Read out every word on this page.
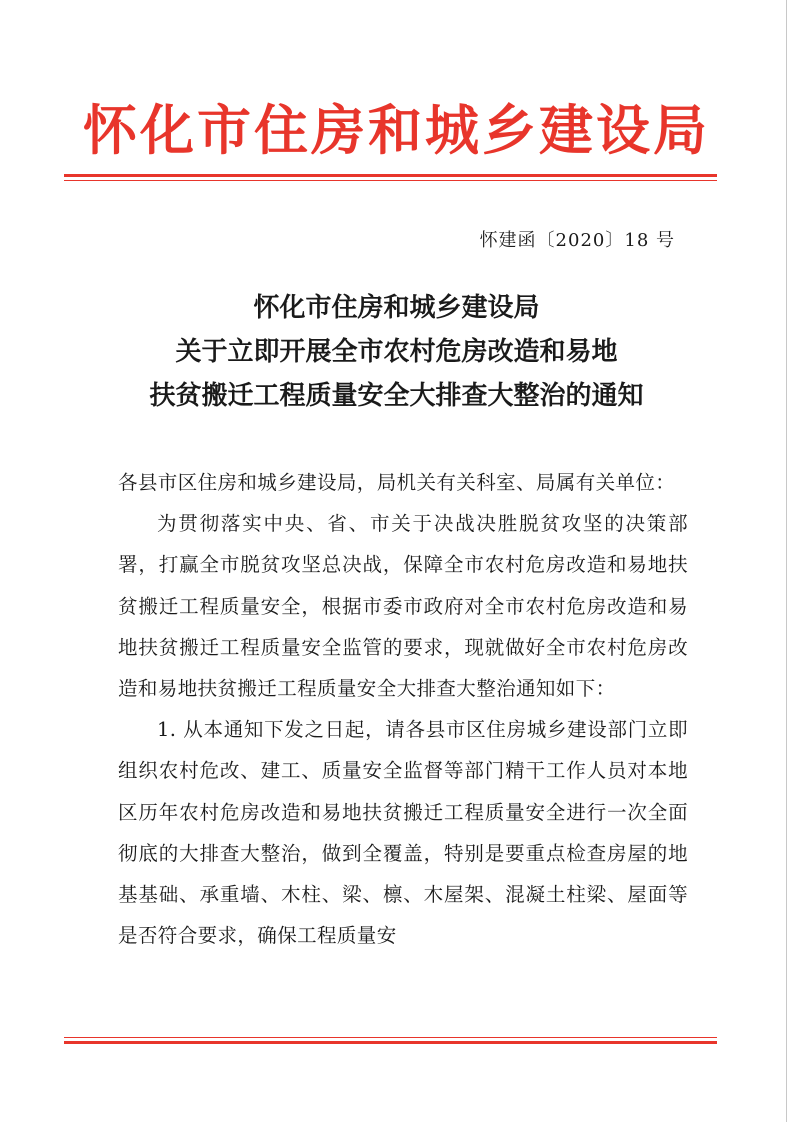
怀化市住房和城乡建设局
怀建函〔2020〕18 号
怀化市住房和城乡建设局
关于立即开展全市农村危房改造和易地
扶贫搬迁工程质量安全大排查大整治的通知

各县市区住房和城乡建设局，局机关有关科室、局属有关单位：

为贯彻落实中央、省、市关于决战决胜脱贫攻坚的决策部署，打赢全市脱贫攻坚总决战，保障全市农村危房改造和易地扶贫搬迁工程质量安全，根据市委市政府对全市农村危房改造和易地扶贫搬迁工程质量安全监管的要求，现就做好全市农村危房改造和易地扶贫搬迁工程质量安全大排查大整治通知如下：

1. 从本通知下发之日起，请各县市区住房城乡建设部门立即组织农村危改、建工、质量安全监督等部门精干工作人员对本地区历年农村危房改造和易地扶贫搬迁工程质量安全进行一次全面彻底的大排查大整治，做到全覆盖，特别是要重点检查房屋的地基基础、承重墙、木柱、梁、檩、木屋架、混凝土柱梁、屋面等是否符合要求，确保工程质量安
